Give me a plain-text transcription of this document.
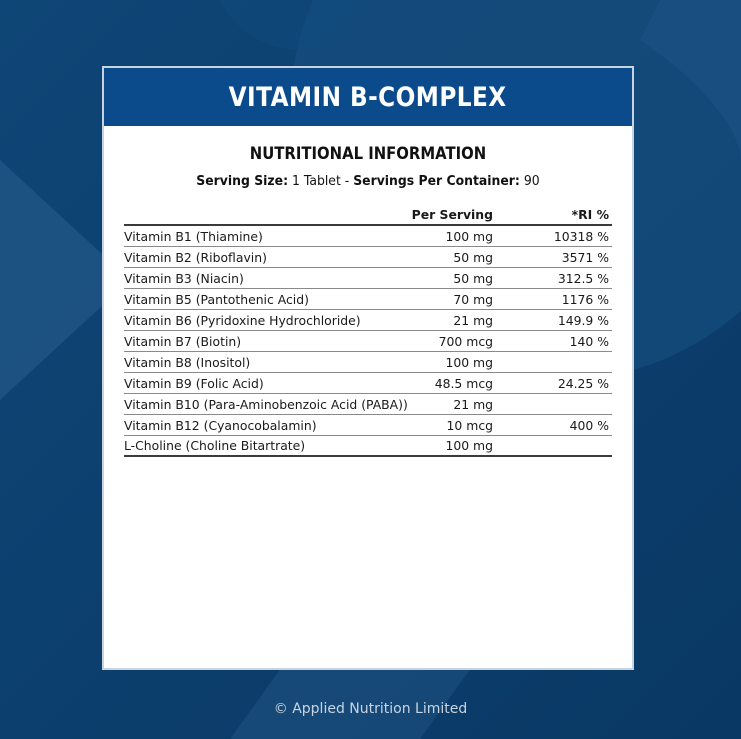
VITAMIN B-COMPLEX
NUTRITIONAL INFORMATION
Serving Size: 1 Tablet - Servings Per Container: 90
Per Serving	*RI %
Vitamin B1 (Thiamine)	100 mg	10318 %
Vitamin B2 (Riboflavin)	50 mg	3571 %
Vitamin B3 (Niacin)	50 mg	312.5 %
Vitamin B5 (Pantothenic Acid)	70 mg	1176 %
Vitamin B6 (Pyridoxine Hydrochloride)	21 mg	149.9 %
Vitamin B7 (Biotin)	700 mcg	140 %
Vitamin B8 (Inositol)	100 mg
Vitamin B9 (Folic Acid)	48.5 mcg	24.25 %
Vitamin B10 (Para-Aminobenzoic Acid (PABA))	21 mg
Vitamin B12 (Cyanocobalamin)	10 mcg	400 %
L-Choline (Choline Bitartrate)	100 mg
© Applied Nutrition Limited
